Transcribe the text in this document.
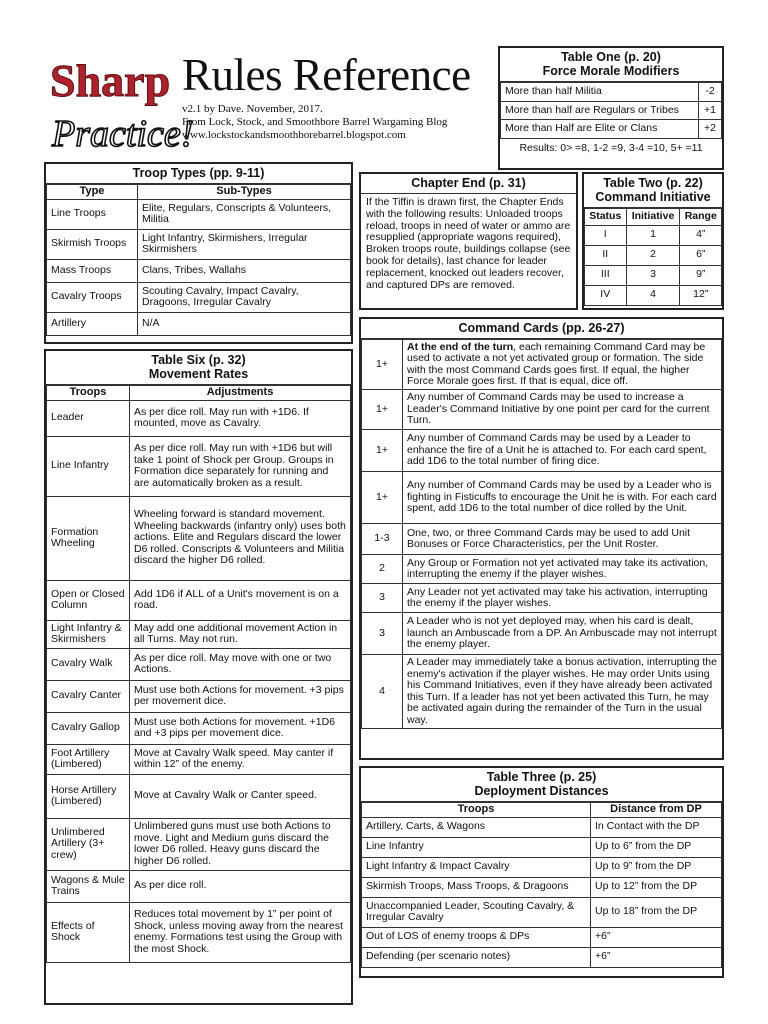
Sharp
Practice!
Rules Reference
v2.1 by Dave. November, 2017.
From Lock, Stock, and Smoothbore Barrel Wargaming Blog
www.lockstockandsmoothborebarrel.blogspot.com
Table One (p. 20)
Force Morale Modifiers
More than half Militia	-2
More than half are Regulars or Tribes	+1
More than Half are Elite or Clans	+2
Results: 0> =8, 1-2 =9, 3-4 =10, 5+ =11	
Troop Types (pp. 9-11)
Type	Sub-Types
Line Troops	Elite, Regulars, Conscripts & Volunteers, Militia
Skirmish Troops	Light Infantry, Skirmishers, Irregular Skirmishers
Mass Troops	Clans, Tribes, Wallahs
Cavalry Troops	Scouting Cavalry, Impact Cavalry, Dragoons, Irregular Cavalry
Artillery	N/A
Table Six (p. 32)
Movement Rates
Troops	Adjustments
Leader	As per dice roll. May run with +1D6. If mounted, move as Cavalry.
Line Infantry	As per dice roll. May run with +1D6 but will take 1 point of Shock per Group. Groups in Formation dice separately for running and are automatically broken as a result.
Formation Wheeling	Wheeling forward is standard movement. Wheeling backwards (infantry only) uses both actions. Elite and Regulars discard the lower D6 rolled. Conscripts & Volunteers and Militia discard the higher D6 rolled.
Open or Closed Column	Add 1D6 if ALL of a Unit's movement is on a road.
Light Infantry & Skirmishers	May add one additional movement Action in all Turns. May not run.
Cavalry Walk	As per dice roll. May move with one or two Actions.
Cavalry Canter	Must use both Actions for movement. +3 pips per movement dice.
Cavalry Gallop	Must use both Actions for movement. +1D6 and +3 pips per movement dice.
Foot Artillery (Limbered)	Move at Cavalry Walk speed. May canter if within 12” of the enemy.
Horse Artillery (Limbered)	Move at Cavalry Walk or Canter speed.
Unlimbered Artillery (3+ crew)	Unlimbered guns must use both Actions to move. Light and Medium guns discard the lower D6 rolled. Heavy guns discard the higher D6 rolled.
Wagons & Mule Trains	As per dice roll.
Effects of Shock	Reduces total movement by 1” per point of Shock, unless moving away from the nearest enemy. Formations test using the Group with the most Shock.
Chapter End (p. 31)
If the Tiffin is drawn first, the Chapter Ends with the following results: Unloaded troops reload, troops in need of water or ammo are resupplied (appropriate wagons required), Broken troops route, buildings collapse (see book for details), last chance for leader replacement, knocked out leaders recover, and captured DPs are removed.
Table Two (p. 22)
Command Initiative
Status	Initiative	Range
I	1	4”
II	2	6”
III	3	9”
IV	4	12”
Command Cards (pp. 26-27)
1+	At the end of the turn, each remaining Command Card may be used to activate a not yet activated group or formation. The side with the most Command Cards goes first. If equal, the higher Force Morale goes first. If that is equal, dice off.
1+	Any number of Command Cards may be used to increase a Leader's Command Initiative by one point per card for the current Turn.
1+	Any number of Command Cards may be used by a Leader to enhance the fire of a Unit he is attached to. For each card spent, add 1D6 to the total number of firing dice.
1+	Any number of Command Cards may be used by a Leader who is fighting in Fisticuffs to encourage the Unit he is with. For each card spent, add 1D6 to the total number of dice rolled by the Unit.
1-3	One, two, or three Command Cards may be used to add Unit Bonuses or Force Characteristics, per the Unit Roster.
2	Any Group or Formation not yet activated may take its activation, interrupting the enemy if the player wishes.
3	Any Leader not yet activated may take his activation, interrupting the enemy if the player wishes.
3	A Leader who is not yet deployed may, when his card is dealt, launch an Ambuscade from a DP. An Ambuscade may not interrupt the enemy player.
4	A Leader may immediately take a bonus activation, interrupting the enemy's activation if the player wishes. He may order Units using his Command Initiatives, even if they have already been activated this Turn. If a leader has not yet been activated this Turn, he may be activated again during the remainder of the Turn in the usual way.
Table Three (p. 25)
Deployment Distances
Troops	Distance from DP
Artillery, Carts, & Wagons	In Contact with the DP
Line Infantry	Up to 6” from the DP
Light Infantry & Impact Cavalry	Up to 9” from the DP
Skirmish Troops, Mass Troops, & Dragoons	Up to 12” from the DP
Unaccompanied Leader, Scouting Cavalry, & Irregular Cavalry	Up to 18” from the DP
Out of LOS of enemy troops & DPs	+6”
Defending (per scenario notes)	+6”
